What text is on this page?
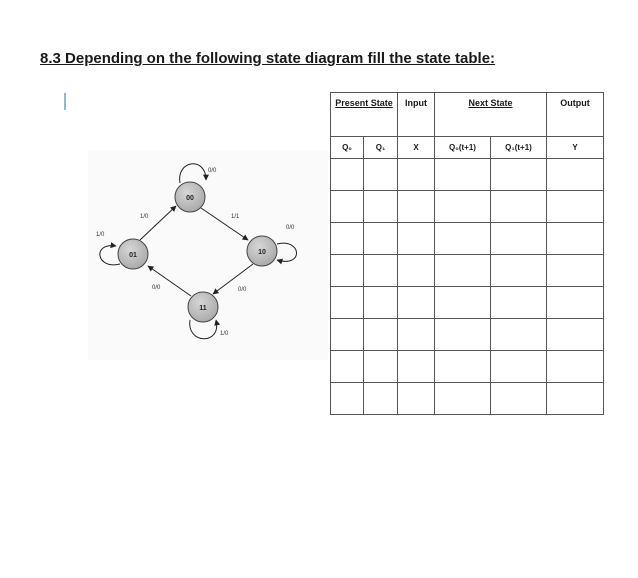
8.3 Depending on the following state diagram fill the state table:
00
01	10
11
0/0
1/1
0/0
0/0
1/0
0/0
1/0
1/0
Present State		Input	Next State		Output
Q₀	Q₁	X	Q₀(t+1)	Q₁(t+1)	Y
